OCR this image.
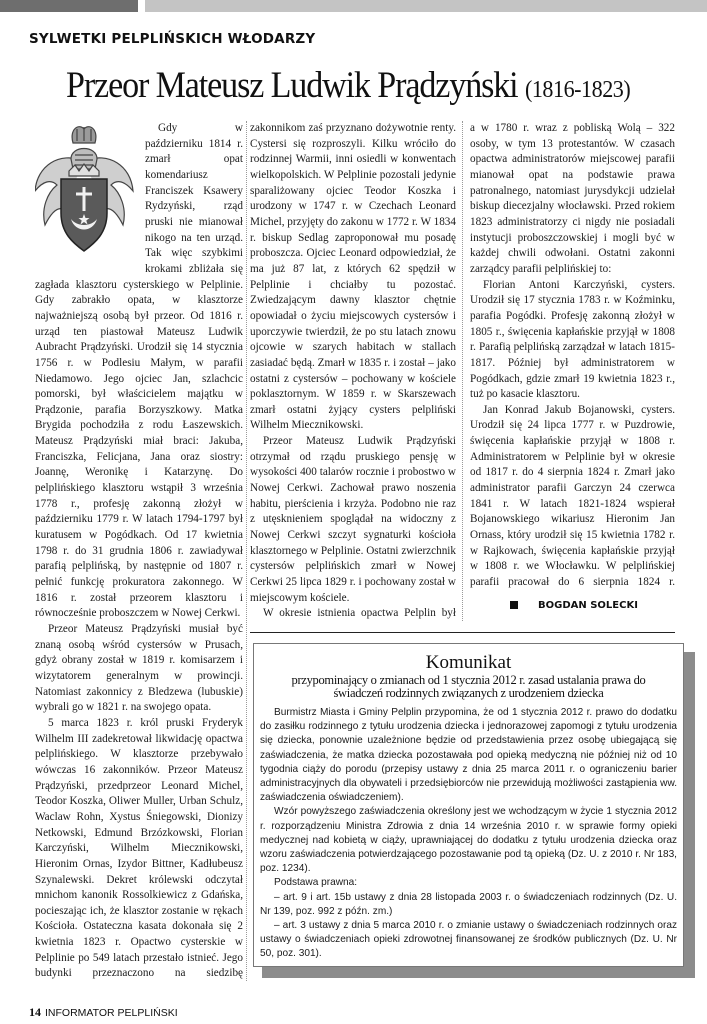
SYLWETKI PELPLIŃSKICH WŁODARZY
Przeor Mateusz Ludwik Prądzyński (1816-1823)

Gdy w październiku 1814 r. zmarł opat komendariusz Franciszek Ksawery Rydzyński, rząd pruski nie mianował nikogo na ten urząd. Tak więc szybkimi krokami zbliżała się zagłada klasztoru cysterskiego w Pelplinie. Gdy zabrakło opata, w klasztorze najważniejszą osobą był przeor. Od 1816 r. urząd ten piastował Mateusz Ludwik Aubracht Prądzyński. Urodził się 14 stycznia 1756 r. w Podlesiu Małym, w parafii Niedamowo. Jego ojciec Jan, szlachcic pomorski, był właścicielem majątku w Prądzonie, parafia Borzyszkowy. Matka Brygida pochodziła z rodu Łaszewskich. Mateusz Prądzyński miał braci: Jakuba, Franciszka, Felicjana, Jana oraz siostry: Joannę, Weronikę i Katarzynę. Do pelplińskiego klasztoru wstąpił 3 września 1778 r., profesję zakonną złożył w październiku 1779 r. W latach 1794-1797 był kuratusem w Pogódkach. Od 17 kwietnia 1798 r. do 31 grudnia 1806 r. zawiadywał parafią pelplińską, by następnie od 1807 r. pełnić funkcję prokuratora zakonnego. W 1816 r. został przeorem klasztoru i równocześnie proboszczem w Nowej Cerkwi.

Przeor Mateusz Prądzyński musiał być znaną osobą wśród cystersów w Prusach, gdyż obrany został w 1819 r. komisarzem i wizytatorem generalnym w prowincji. Natomiast zakonnicy z Bledzewa (lubuskie) wybrali go w 1821 r. na swojego opata.

5 marca 1823 r. król pruski Fryderyk Wilhelm III zadekretował likwidację opactwa pelplińskiego. W klasztorze przebywało wówczas 16 zakonników. Przeor Mateusz Prądzyński, przedprzeor Leonard Michel, Teodor Koszka, Oliwer Muller, Urban Schulz, Waclaw Rohn, Xystus Śniegowski, Dionizy Netkowski, Edmund Brzózkowski, Florian Karczyński, Wilhelm Miecznikowski, Hieronim Ornas, Izydor Bittner, Kadłubeusz Szynalewski. Dekret królewski odczytał mnichom kanonik Rossolkiewicz z Gdańska, pocieszając ich, że klasztor zostanie w rękach Kościoła. Ostateczna kasata dokonała się 2 kwietnia 1823 r. Opactwo cysterskie w Pelplinie po 549 latach przestało istnieć. Jego budynki przeznaczono na siedzibę

zakonnikom zaś przyznano dożywotnie renty. Cystersi się rozproszyli. Kilku wróciło do rodzinnej Warmii, inni osiedli w konwentach wielkopolskich. W Pelplinie pozostali jedynie sparaliżowany ojciec Teodor Koszka i urodzony w 1747 r. w Czechach Leonard Michel, przyjęty do zakonu w 1772 r. W 1834 r. biskup Sedlag zaproponował mu posadę proboszcza. Ojciec Leonard odpowiedział, że ma już 87 lat, z których 62 spędził w Pelplinie i chciałby tu pozostać. Zwiedzającym dawny klasztor chętnie opowiadał o życiu miejscowych cystersów i uporczywie twierdził, że po stu latach znowu ojcowie w szarych habitach w stallach zasiadać będą. Zmarł w 1835 r. i został – jako ostatni z cystersów – pochowany w kościele poklasztornym. W 1859 r. w Skarszewach zmarł ostatni żyjący cysters pelpliński Wilhelm Miecznikowski.

Przeor Mateusz Ludwik Prądzyński otrzymał od rządu pruskiego pensję w wysokości 400 talarów rocznie i probostwo w Nowej Cerkwi. Zachował prawo noszenia habitu, pierścienia i krzyża. Podobno nie raz z utęsknieniem spoglądał na widoczny z Nowej Cerkwi szczyt sygnaturki kościoła klasztornego w Pelplinie. Ostatni zwierzchnik cystersów pelplińskich zmarł w Nowej Cerkwi 25 lipca 1829 r. i pochowany został w miejscowym kościele.

W okresie istnienia opactwa Pelplin był

a w 1780 r. wraz z pobliską Wolą – 322 osoby, w tym 13 protestantów. W czasach opactwa administratorów miejscowej parafii mianował opat na podstawie prawa patronalnego, natomiast jurysdykcji udzielał biskup diecezjalny włocławski. Przed rokiem 1823 administratorzy ci nigdy nie posiadali instytucji proboszczowskiej i mogli być w każdej chwili odwołani. Ostatni zakonni zarządcy parafii pelplińskiej to:

Florian Antoni Karczyński, cysters. Urodził się 17 stycznia 1783 r. w Koźminku, parafia Pogódki. Profesję zakonną złożył w 1805 r., święcenia kapłańskie przyjął w 1808 r. Parafią pelplińską zarządzał w latach 1815-1817. Później był administratorem w Pogódkach, gdzie zmarł 19 kwietnia 1823 r., tuż po kasacie klasztoru.

Jan Konrad Jakub Bojanowski, cysters. Urodził się 24 lipca 1777 r. w Puzdrowie, święcenia kapłańskie przyjął w 1808 r. Administratorem w Pelplinie był w okresie od 1817 r. do 4 sierpnia 1824 r. Zmarł jako administrator parafii Garczyn 24 czerwca 1841 r. W latach 1821-1824 wspierał Bojanowskiego wikariusz Hieronim Jan Ornass, który urodził się 15 kwietnia 1782 r. w Rajkowach, święcenia kapłańskie przyjął w 1808 r. we Włocławku. W pelplińskiej parafii pracował do 6 sierpnia 1824 r.

BOGDAN SOLECKI
Komunikat
przypominający o zmianach od 1 stycznia 2012 r. zasad ustalania prawa do
świadczeń rodzinnych związanych z urodzeniem dziecka

Burmistrz Miasta i Gminy Pelplin przypomina, że od 1 stycznia 2012 r. prawo do dodatku do zasiłku rodzinnego z tytułu urodzenia dziecka i jednorazowej zapomogi z tytułu urodzenia się dziecka, ponownie uzależnione będzie od przedstawienia przez osobę ubiegającą się zaświadczenia, że matka dziecka pozostawała pod opieką medyczną nie później niż od 10 tygodnia ciąży do porodu (przepisy ustawy z dnia 25 marca 2011 r. o ograniczeniu barier administracyjnych dla obywateli i przedsiębiorców nie przewidują możliwości zastąpienia ww. zaświadczenia oświadczeniem).

Wzór powyższego zaświadczenia określony jest we wchodzącym w życie 1 stycznia 2012 r. rozporządzeniu Ministra Zdrowia z dnia 14 września 2010 r. w sprawie formy opieki medycznej nad kobietą w ciąży, uprawniającej do dodatku z tytułu urodzenia dziecka oraz wzoru zaświadczenia potwierdzającego pozostawanie pod tą opieką (Dz. U. z 2010 r. Nr 183, poz. 1234).

Podstawa prawna:

– art. 9 i art. 15b ustawy z dnia 28 listopada 2003 r. o świadczeniach rodzinnych (Dz. U. Nr 139, poz. 992 z późn. zm.)

– art. 3 ustawy z dnia 5 marca 2010 r. o zmianie ustawy o świadczeniach rodzinnych oraz ustawy o świadczeniach opieki zdrowotnej finansowanej ze środków publicznych (Dz. U. Nr 50, poz. 301).

14 INFORMATOR PELPLIŃSKI
